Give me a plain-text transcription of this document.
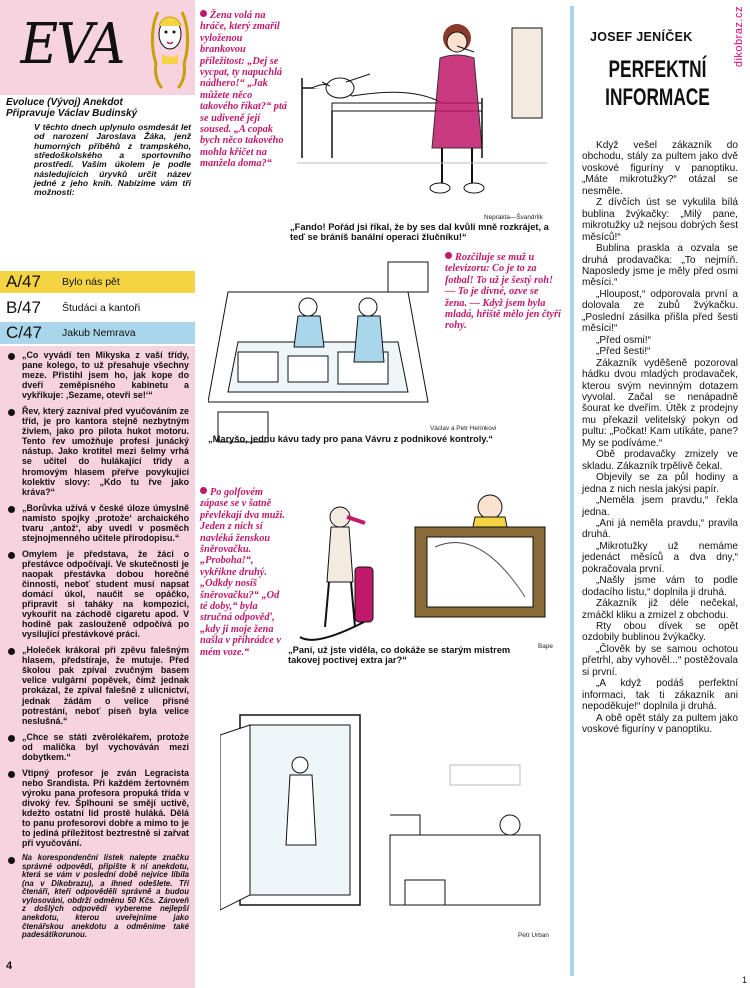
EVA
Evoluce (Vývoj) Anekdot
Připravuje Václav Budinský
V těchto dnech uplynulo osmdesát let od narození Jaroslava Žáka, jenž humorných příběhů z trampského, středoškolského a sportovního prostředí. Vaším úkolem je podle následujících úryvků určit název jedné z jeho knih. Nabízíme vám tři možnosti:
A/47 Bylo nás pět
B/47 Študáci a kantoři
C/47 Jakub Nemrava
„Co vyvádí ten Mikyska z vaší třídy, pane kolego, to už přesahuje všechny meze. Přistihl jsem ho, jak kope do dveří zeměpisného kabinetu a vykřikuje: ‚Sezame, otevři se!‘“
Řev, který zazníval před vyučováním ze tříd, je pro kantora stejně nezbytným živlem, jako pro pilota hukot motoru. Tento řev umožňuje profesi junácký nástup. Jako krotitel mezi šelmy vrhá se učitel do hulákající třídy a hromovým hlasem přeřve povykující kolektiv slovy: „Kdo tu řve jako kráva?“
„Borůvka užívá v české úloze úmyslně namísto spojky ‚protože‘ archaického tvaru ‚antož‘, aby uvedl v posměch stejnojmenného učitele přírodopisu.“
Omylem je představa, že žáci o přestávce odpočívají. Ve skutečnosti je naopak přestávka dobou horečné činnosti, neboť student musí napsat domácí úkol, naučit se opáčko, připravit si taháky na kompozici, vykouřit na záchodě cigaretu apod. V hodině pak zaslouženě odpočívá po vysilující přestávkové práci.
„Holeček krákoral při zpěvu falešným hlasem, předstíraje, že mutuje. Před školou pak zpíval zvučným basem velice vulgární popěvek, čímž jednak prokázal, že zpíval falešně z ulicnictví, jednak žádám o velice přísné potrestání, neboť píseň byla velice neslušná.“
„Chce se státi zvěrolékařem, protože od malička byl vychováván mezi dobytkem.“
Vtipný profesor je zván Legracista nebo Srandista. Při každém žertovném výroku pana profesora propuká třída v divoký řev. Šplhouni se smějí uctivě, kdežto ostatní lid prostě huláká. Dělá to panu profesorovi dobře a mimo to je to jediná příležitost beztrestně si zařvat při vyučování.
Na korespondenční lístek nalepte značku správné odpovědi, připište k ní anekdotu, která se vám v poslední době nejvíce líbila (na v Dikobrazu), a ihned odešlete. Tři čtenáři, kteří odpověděli správně a budou vylosováni, obdrží odměnu 50 Kčs. Zároveň z došlých odpovědí vybereme nejlepší anekdotu, kterou uveřejníme jako čtenářskou anekdotu a odměníme také padesátikorunou.
4
Žena volá na hráče, který zmařil vyloženou brankovou příležitost: „Dej se vycpat, ty napuchlá nádhero!“ „Jak můžete něco takového říkat?“ ptá se udiveně její soused. „A copak bych něco takového mohla křičet na manžela doma?“
Neprakta—Švandrlík
„Fando! Pořád jsi říkal, že by ses dal kvůli mně rozkrájet, a teď se bráníš banální operaci žlučníku!“
Rozčiluje se muž u televizoru: Co je to za fotbal! To už je šestý roh! — To je divné, ozve se žena. — Když jsem byla mladá, hřiště mělo jen čtyři rohy.
Václav a Petr Herinkovi
„Maryšo, jednu kávu tady pro pana Vávru z podnikové kontroly.“
Po golfovém zápase se v šatně převlékají dva muži. Jeden z nich si navléká ženskou šněrovačku. „Proboha!“, vykřikne druhý. „Odkdy nosíš šněrovačku?“ „Od té doby,“ byla stručná odpověď, „kdy ji moje žena našla v příhrádce v mém voze.“
Bape
„Paní, už jste viděla, co dokáže se starým mistrem takovej poctivej extra jar?“
Petr Urban
JOSEF JENÍČEK
PERFEKTNÍ
INFORMACE

Když vešel zákazník do obchodu, stály za pultem jako dvě voskové figuríny v panoptiku. „Máte mikrotužky?“ otázal se nesměle.

Z dívčích úst se vykulila bílá bublina žvýkačky: „Milý pane, mikrotužky už nejsou dobrých šest měsíců!“

Bublina praskla a ozvala se druhá prodavačka: „To nejmíň. Naposledy jsme je měly před osmi měsíci.“

„Hloupost,“ odporovala první a dolovala ze zubů žvýkačku. „Poslední zásilka přišla před šesti měsíci!“

„Před osmi!“

„Před šesti!“

Zákazník vyděšeně pozoroval hádku dvou mladých prodavaček, kterou svým nevinným dotazem vyvolal. Začal se nenápadně šourat ke dveřím. Útěk z prodejny mu překazil velitelský pokyn od pultu: „Počkat! Kam utíkáte, pane? My se podíváme.“

Obě prodavačky zmizely ve skladu. Zákazník trpělivě čekal.

Objevily se za půl hodiny a jedna z nich nesla jakýsi papír.

„Neměla jsem pravdu,“ řekla jedna.

„Ani já neměla pravdu,“ pravila druhá.

„Mikrotužky už nemáme jedenáct měsíců a dva dny,“ pokračovala první.

„Našly jsme vám to podle dodacího listu,“ doplnila ji druhá.

Zákazník již déle nečekal, zmáčkl kliku a zmizel z obchodu.

Rty obou dívek se opět ozdobily bublinou žvýkačky.

„Člověk by se samou ochotou přetrhl, aby vyhověl...“ postěžovala si první.

„A když podáš perfektní informaci, tak ti zákazník ani nepoděkuje!“ doplnila ji druhá.

A obě opět stály za pultem jako voskové figuríny v panoptiku.

dikobraz.cz
1
